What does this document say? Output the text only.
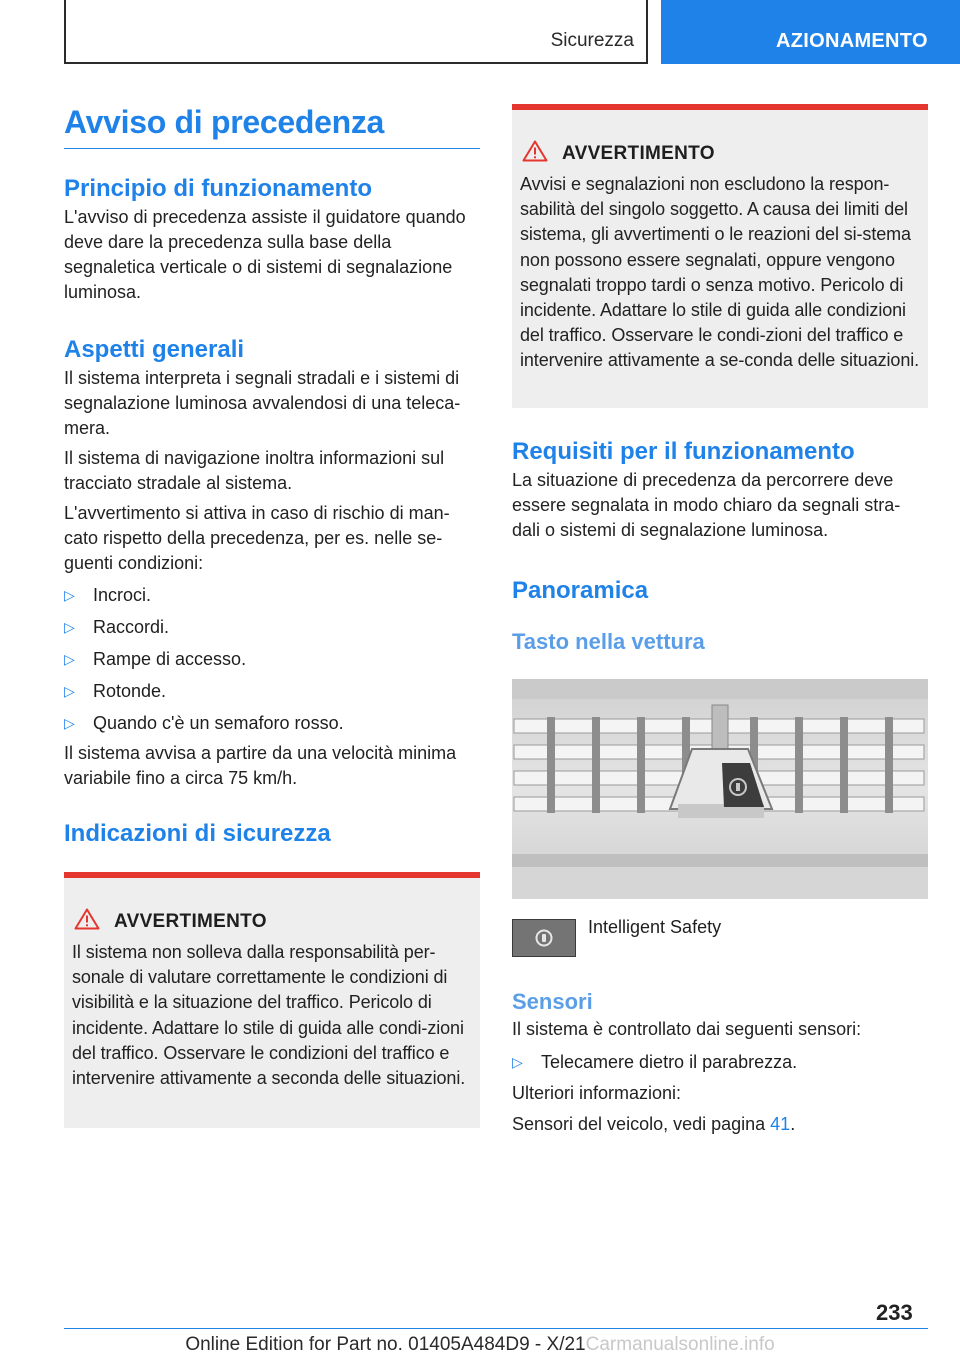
Sicurezza	AZIONAMENTO
Avviso di precedenza
Principio di funzionamento

L'avviso di precedenza assiste il guidatore quando deve dare la precedenza sulla base della segnaletica verticale o di sistemi di segnalazione luminosa.

Aspetti generali

Il sistema interpreta i segnali stradali e i sistemi di segnalazione luminosa avvalendosi di una teleca-mera.

Il sistema di navigazione inoltra informazioni sul tracciato stradale al sistema.

L'avvertimento si attiva in caso di rischio di man-cato rispetto della precedenza, per es. nelle se-guenti condizioni:

▷	Incroci.
▷	Raccordi.
▷	Rampe di accesso.
▷	Rotonde.
▷	Quando c'è un semaforo rosso.

Il sistema avvisa a partire da una velocità minima variabile fino a circa 75 km/h.

Indicazioni di sicurezza
AVVERTIMENTO

Il sistema non solleva dalla responsabilità per-sonale di valutare correttamente le condizioni di visibilità e la situazione del traffico. Pericolo di incidente. Adattare lo stile di guida alle condi-zioni del traffico. Osservare le condizioni del traffico e intervenire attivamente a seconda delle situazioni.

AVVERTIMENTO

Avvisi e segnalazioni non escludono la respon-sabilità del singolo soggetto. A causa dei limiti del sistema, gli avvertimenti o le reazioni del si-stema non possono essere segnalati, oppure vengono segnalati troppo tardi o senza motivo. Pericolo di incidente. Adattare lo stile di guida alle condizioni del traffico. Osservare le condi-zioni del traffico e intervenire attivamente a se-conda delle situazioni.

Requisiti per il funzionamento

La situazione di precedenza da percorrere deve essere segnalata in modo chiaro da segnali stra-dali o sistemi di segnalazione luminosa.

Panoramica
Tasto nella vettura
Intelligent Safety
Sensori

Il sistema è controllato dai seguenti sensori:

▷	Telecamere dietro il parabrezza.

Ulteriori informazioni:

Sensori del veicolo, vedi pagina 41.

233
Online Edition for Part no. 01405A484D9 - X/21Carmanualsonline.info
